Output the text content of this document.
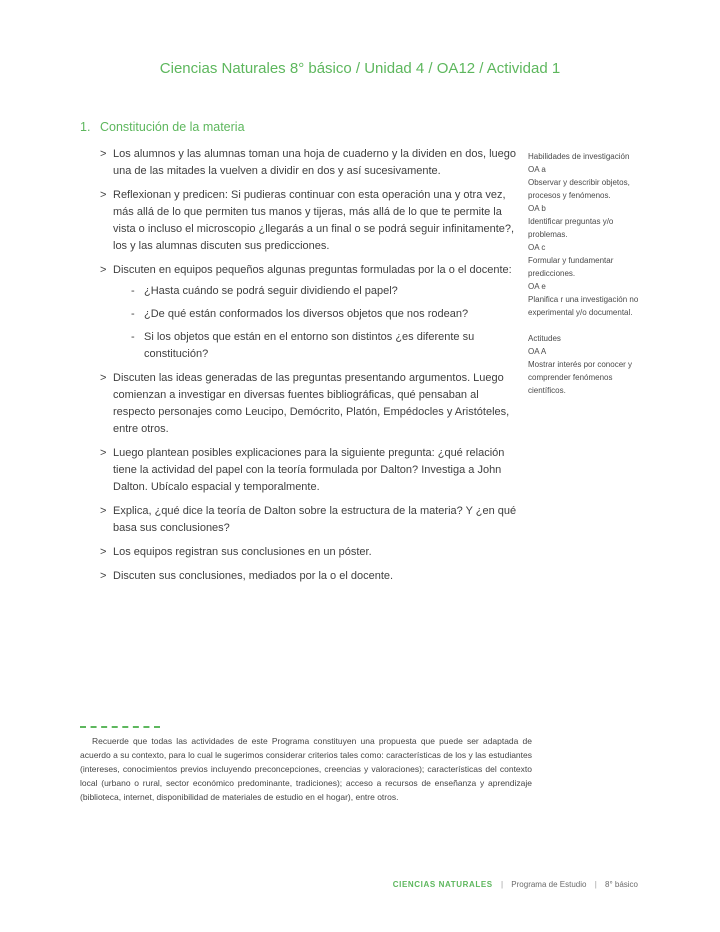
Ciencias Naturales 8° básico / Unidad 4 / OA12 / Actividad 1
1. Constitución de la materia
> Los alumnos y las alumnas toman una hoja de cuaderno y la dividen en dos, luego una de las mitades la vuelven a dividir en dos y así sucesivamente.
> Reflexionan y predicen: Si pudieras continuar con esta operación una y otra vez, más allá de lo que permiten tus manos y tijeras, más allá de lo que te permite la vista o incluso el microscopio ¿llegarás a un final o se podrá seguir infinitamente?, los y las alumnas discuten sus predicciones.
> Discuten en equipos pequeños algunas preguntas formuladas por la o el docente:
- ¿Hasta cuándo se podrá seguir dividiendo el papel?
- ¿De qué están conformados los diversos objetos que nos rodean?
- Si los objetos que están en el entorno son distintos ¿es diferente su constitución?
> Discuten las ideas generadas de las preguntas presentando argumentos. Luego comienzan a investigar en diversas fuentes bibliográficas, qué pensaban al respecto personajes como Leucipo, Demócrito, Platón, Empédocles y Aristóteles, entre otros.
> Luego plantean posibles explicaciones para la siguiente pregunta: ¿qué relación tiene la actividad del papel con la teoría formulada por Dalton? Investiga a John Dalton. Ubícalo espacial y temporalmente.
> Explica, ¿qué dice la teoría de Dalton sobre la estructura de la materia? Y ¿en qué basa sus conclusiones?
> Los equipos registran sus conclusiones en un póster.
> Discuten sus conclusiones, mediados por la o el docente.
Habilidades de investigación
OA a
Observar y describir objetos, procesos y fenómenos.
OA b
Identificar preguntas y/o problemas.
OA c
Formular y fundamentar predicciones.
OA e
Planifica r una investigación no experimental y/o documental.
Actitudes
OA A
Mostrar interés por conocer y comprender fenómenos científicos.

Recuerde que todas las actividades de este Programa constituyen una propuesta que puede ser adaptada de acuerdo a su contexto, para lo cual le sugerimos considerar criterios tales como: características de los y las estudiantes (intereses, conocimientos previos incluyendo preconcepciones, creencias y valoraciones); características del contexto local (urbano o rural, sector económico predominante, tradiciones); acceso a recursos de enseñanza y aprendizaje (biblioteca, internet, disponibilidad de materiales de estudio en el hogar), entre otros.

CIENCIAS NATURALES | Programa de Estudio | 8° básico
